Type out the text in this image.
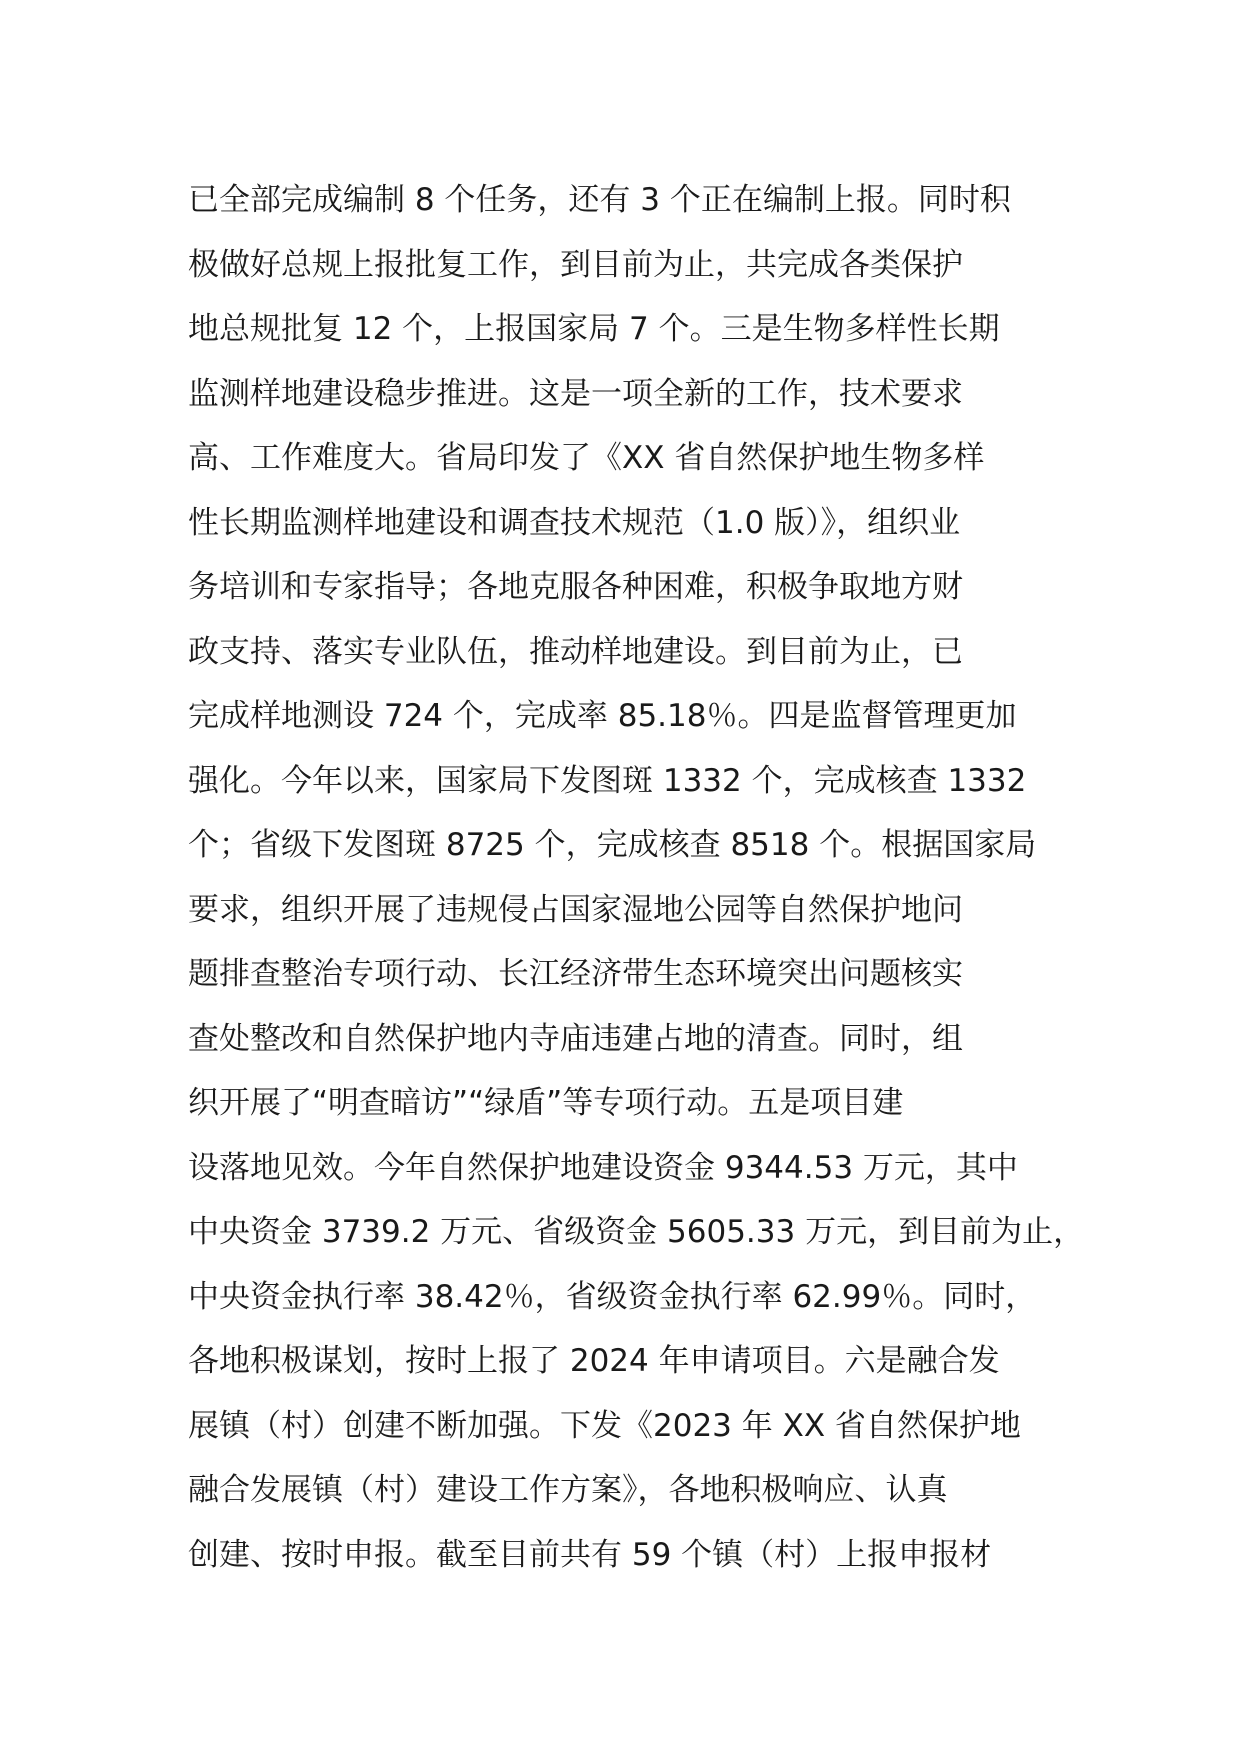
已全部完成编制 8 个任务，还有 3 个正在编制上报。同时积
极做好总规上报批复工作，到目前为止，共完成各类保护
地总规批复 12 个，上报国家局 7 个。三是生物多样性长期
监测样地建设稳步推进。这是一项全新的工作，技术要求
高、工作难度大。省局印发了《XX 省自然保护地生物多样
性长期监测样地建设和调查技术规范（1.0 版）》，组织业
务培训和专家指导；各地克服各种困难，积极争取地方财
政支持、落实专业队伍，推动样地建设。到目前为止，已
完成样地测设 724 个，完成率 85.18％。四是监督管理更加
强化。今年以来，国家局下发图斑 1332 个，完成核查 1332
个；省级下发图斑 8725 个，完成核查 8518 个。根据国家局
要求，组织开展了违规侵占国家湿地公园等自然保护地问
题排查整治专项行动、长江经济带生态环境突出问题核实
查处整改和自然保护地内寺庙违建占地的清查。同时，组
织开展了“明查暗访”“绿盾”等专项行动。五是项目建
设落地见效。今年自然保护地建设资金 9344.53 万元，其中
中央资金 3739.2 万元、省级资金 5605.33 万元，到目前为止，
中央资金执行率 38.42％，省级资金执行率 62.99％。同时，
各地积极谋划，按时上报了 2024 年申请项目。六是融合发
展镇（村）创建不断加强。下发《2023 年 XX 省自然保护地
融合发展镇（村）建设工作方案》，各地积极响应、认真
创建、按时申报。截至目前共有 59 个镇（村）上报申报材
